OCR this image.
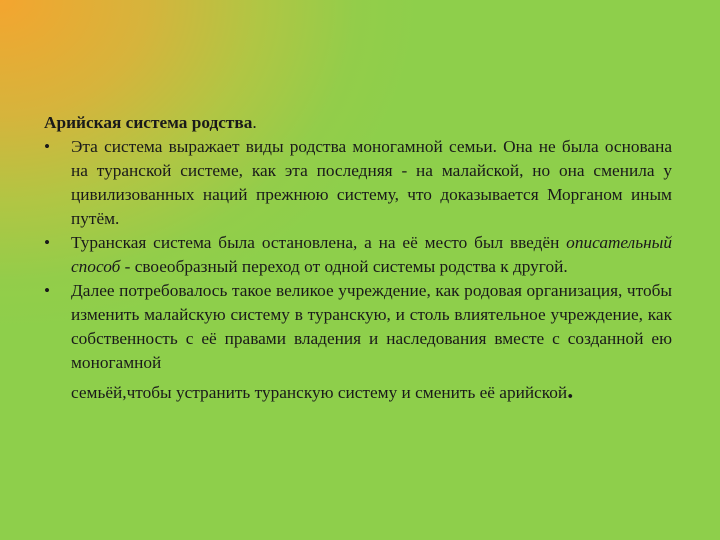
Арийская система родства.

• Эта система выражает виды родства моногамной семьи. Она не была основана на туранской системе, как эта последняя - на малайской, но она сменила у цивилизованных наций прежнюю систему, что доказывается Морганом иным путём.
• Туранская система была остановлена, а на её место был введён описательный способ - своеобразный переход от одной системы родства к другой.
• Далее потребовалось такое великое учреждение, как родовая организация, чтобы изменить малайскую систему в туранскую, и столь влиятельное учреждение, как собственность с её правами владения и наследования вместе с созданной ею моногамной
семьёй,чтобы устранить туранскую систему и сменить её арийской.
